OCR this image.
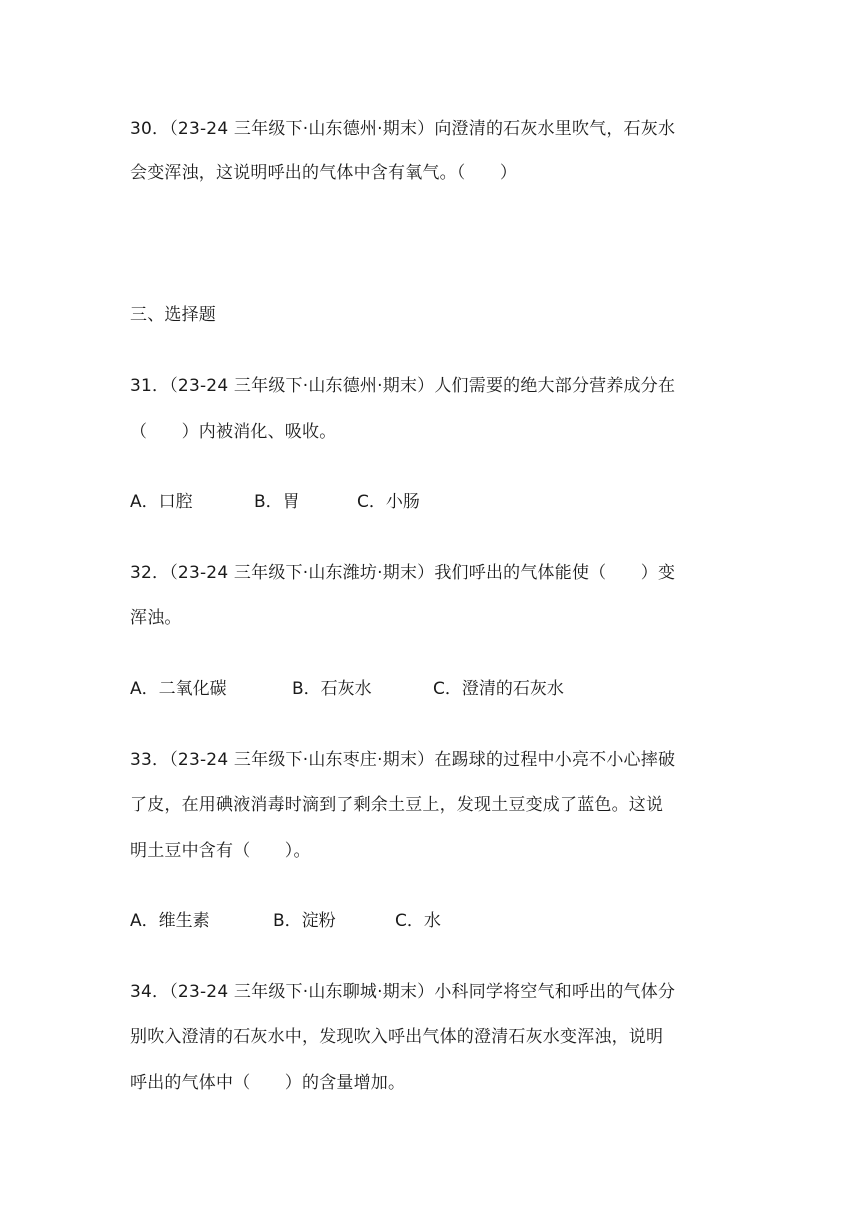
30．（23-24 三年级下·山东德州·期末）向澄清的石灰水里吹气，石灰水
会变浑浊，这说明呼出的气体中含有氧气。（　　）
三、选择题
31．（23-24 三年级下·山东德州·期末）人们需要的绝大部分营养成分在
（　　）内被消化、吸收。
A． 口腔	B． 胃	C． 小肠
32．（23-24 三年级下·山东潍坊·期末）我们呼出的气体能使（　　）变
浑浊。
A． 二氧化碳	B． 石灰水	C． 澄清的石灰水
33．（23-24 三年级下·山东枣庄·期末）在踢球的过程中小亮不小心摔破
了皮，在用碘液消毒时滴到了剩余土豆上，发现土豆变成了蓝色。这说
明土豆中含有（　　）。
A． 维生素	B． 淀粉	C． 水
34．（23-24 三年级下·山东聊城·期末）小科同学将空气和呼出的气体分
别吹入澄清的石灰水中，发现吹入呼出气体的澄清石灰水变浑浊，说明
呼出的气体中（　　）的含量增加。
